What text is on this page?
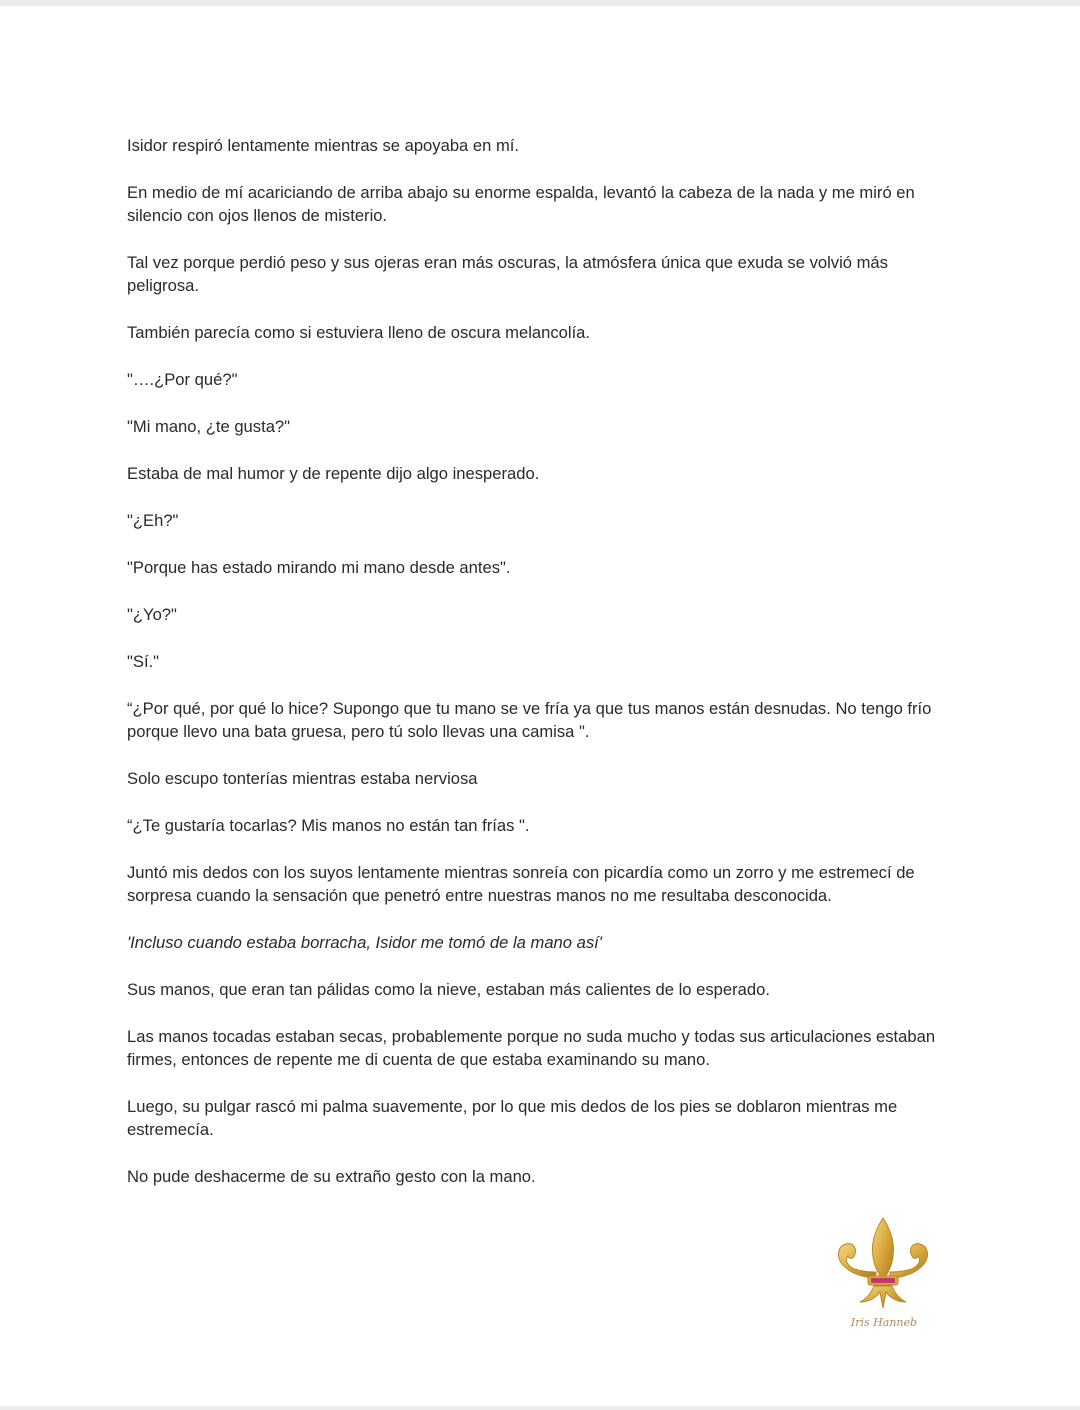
Isidor respiró lentamente mientras se apoyaba en mí.

En medio de mí acariciando de arriba abajo su enorme espalda, levantó la cabeza de la nada y me miró en silencio con ojos llenos de misterio.

Tal vez porque perdió peso y sus ojeras eran más oscuras, la atmósfera única que exuda se volvió más peligrosa.

También parecía como si estuviera lleno de oscura melancolía.

"….¿Por qué?"

"Mi mano, ¿te gusta?"

Estaba de mal humor y de repente dijo algo inesperado.

"¿Eh?"

"Porque has estado mirando mi mano desde antes".

"¿Yo?"

"Sí."

“¿Por qué, por qué lo hice? Supongo que tu mano se ve fría ya que tus manos están desnudas. No tengo frío porque llevo una bata gruesa, pero tú solo llevas una camisa ".

Solo escupo tonterías mientras estaba nerviosa

“¿Te gustaría tocarlas? Mis manos no están tan frías ".

Juntó mis dedos con los suyos lentamente mientras sonreía con picardía como un zorro y me estremecí de sorpresa cuando la sensación que penetró entre nuestras manos no me resultaba desconocida.

'Incluso cuando estaba borracha, Isidor me tomó de la mano así'

Sus manos, que eran tan pálidas como la nieve, estaban más calientes de lo esperado.

Las manos tocadas estaban secas, probablemente porque no suda mucho y todas sus articulaciones estaban firmes, entonces de repente me di cuenta de que estaba examinando su mano.

Luego, su pulgar rascó mi palma suavemente, por lo que mis dedos de los pies se doblaron mientras me estremecía.

No pude deshacerme de su extraño gesto con la mano.

Iris Hanneb
